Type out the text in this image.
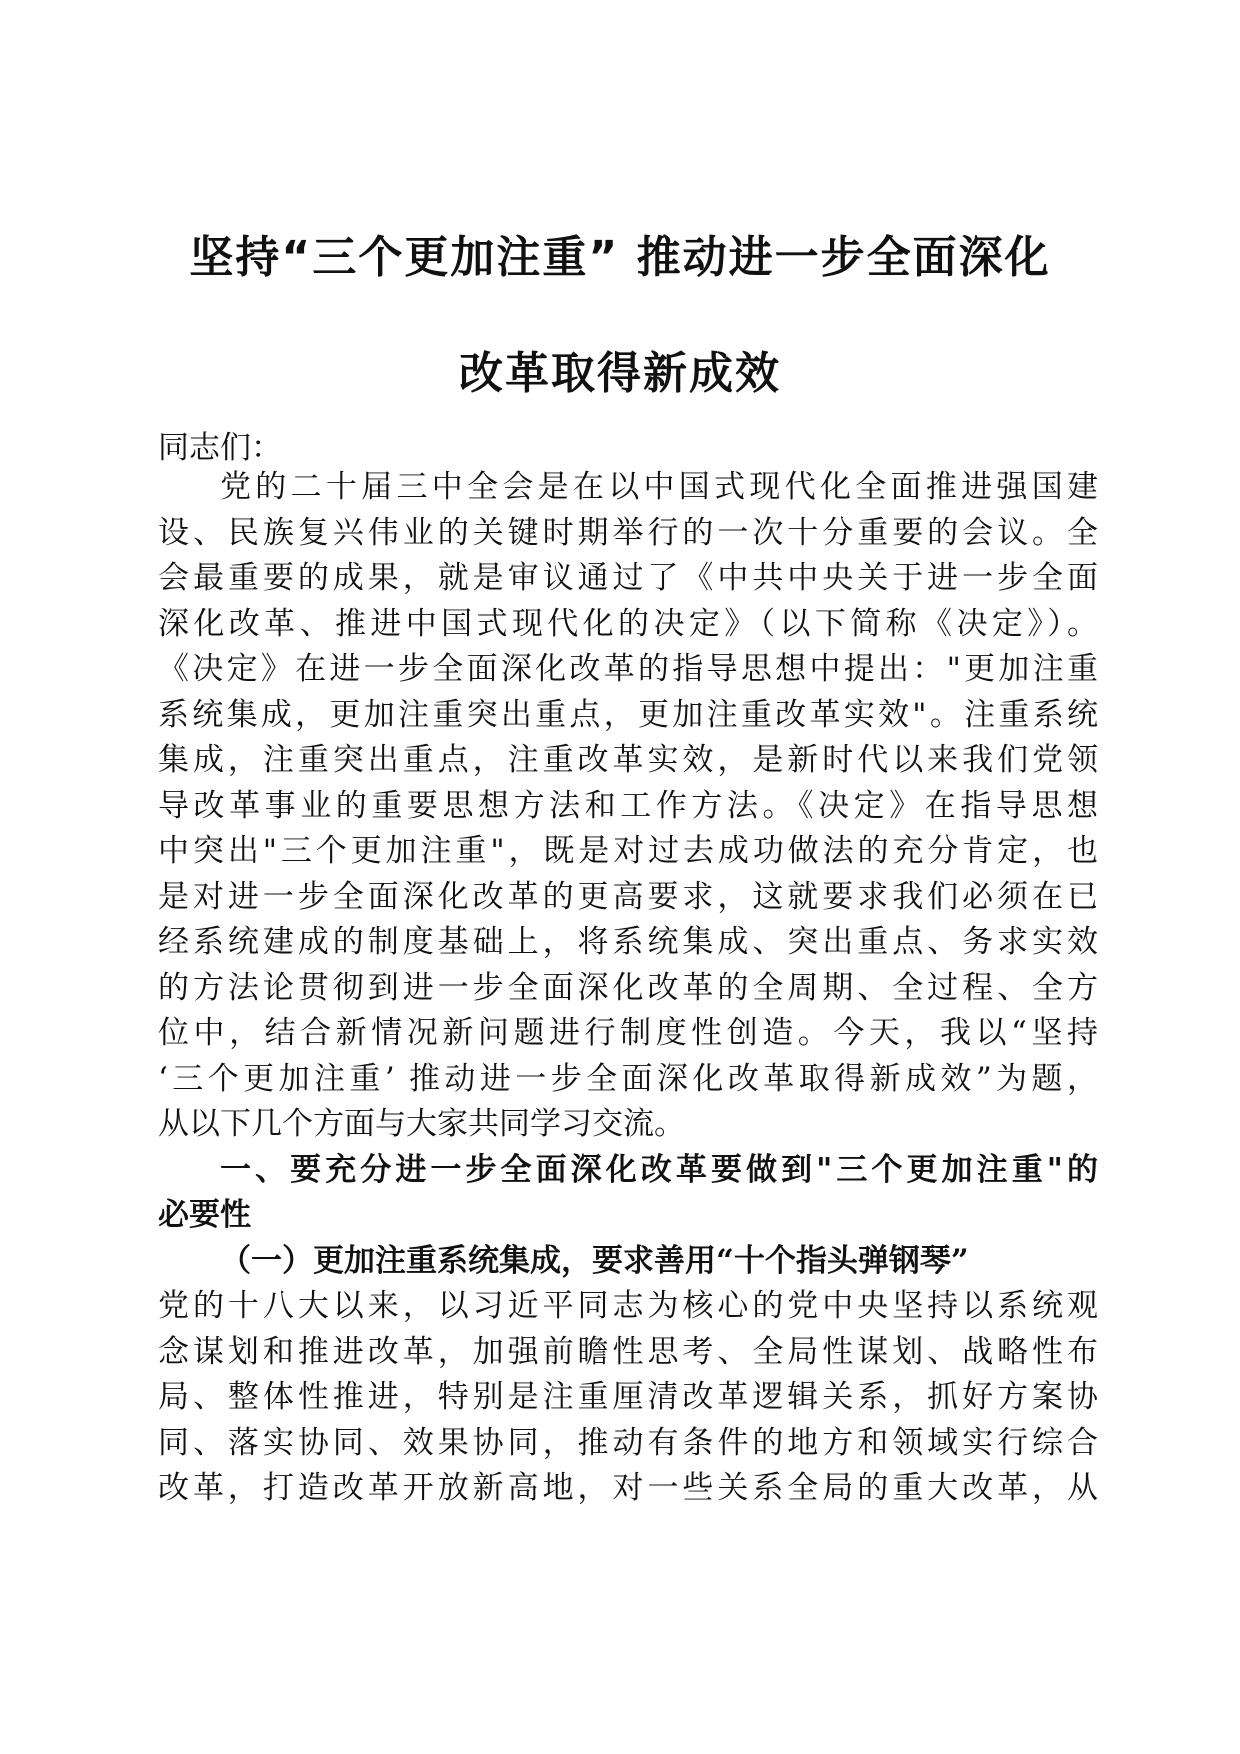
坚持“三个更加注重” 推动进一步全面深化
改革取得新成效
同志们：
党的二十届三中全会是在以中国式现代化全面推进强国建
设、民族复兴伟业的关键时期举行的一次十分重要的会议。全
会最重要的成果，就是审议通过了《中共中央关于进一步全面
深化改革、推进中国式现代化的决定》（以下简称《决定》）。
《决定》在进一步全面深化改革的指导思想中提出："更加注重
系统集成，更加注重突出重点，更加注重改革实效"。注重系统
集成，注重突出重点，注重改革实效，是新时代以来我们党领
导改革事业的重要思想方法和工作方法。《决定》在指导思想
中突出"三个更加注重"，既是对过去成功做法的充分肯定，也
是对进一步全面深化改革的更高要求，这就要求我们必须在已
经系统建成的制度基础上，将系统集成、突出重点、务求实效
的方法论贯彻到进一步全面深化改革的全周期、全过程、全方
位中，结合新情况新问题进行制度性创造。今天，我以“坚持
‘三个更加注重’ 推动进一步全面深化改革取得新成效”为题，
从以下几个方面与大家共同学习交流。
一、要充分进一步全面深化改革要做到"三个更加注重"的
必要性
（一）更加注重系统集成，要求善用“十个指头弹钢琴”
党的十八大以来，以习近平同志为核心的党中央坚持以系统观
念谋划和推进改革，加强前瞻性思考、全局性谋划、战略性布
局、整体性推进，特别是注重厘清改革逻辑关系，抓好方案协
同、落实协同、效果协同，推动有条件的地方和领域实行综合
改革，打造改革开放新高地，对一些关系全局的重大改革，从
